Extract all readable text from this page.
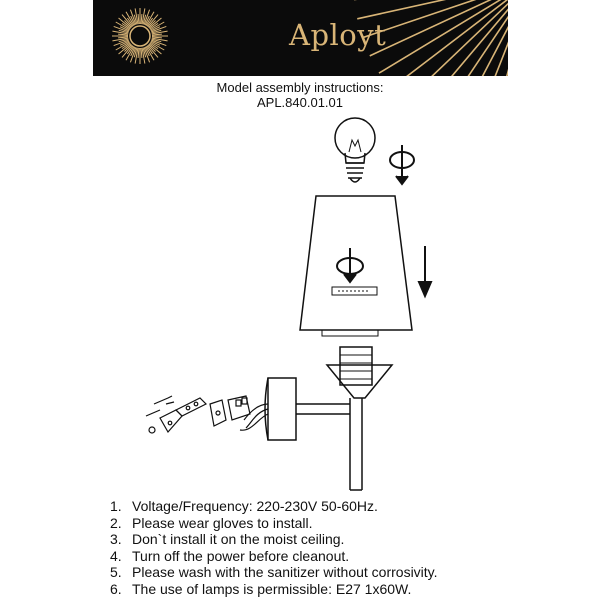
Aployt
Model assembly instructions:
APL.840.01.01
1. Voltage/Frequency: 220-230V 50-60Hz.
2. Please wear gloves to install.
3. Don`t install it on the moist ceiling.
4. Turn off the power before cleanout.
5. Please wash with the sanitizer without corrosivity.
6. The use of lamps is permissible: E27 1x60W.
